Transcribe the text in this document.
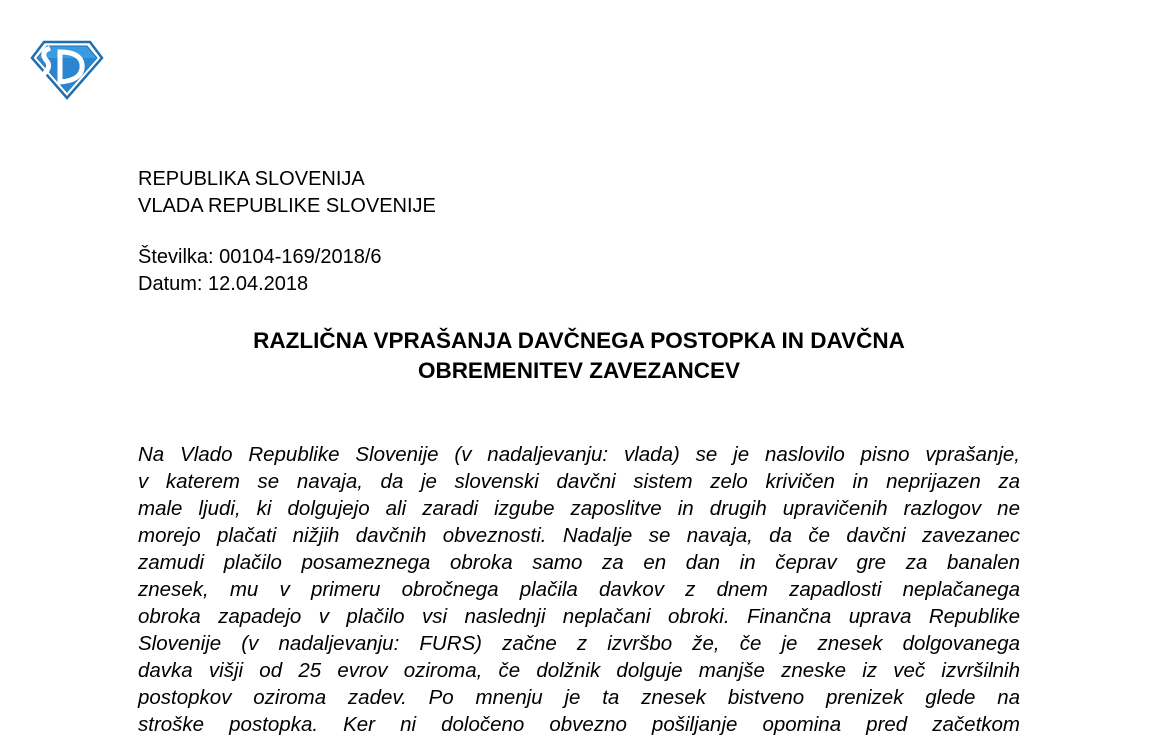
REPUBLIKA SLOVENIJA
VLADA REPUBLIKE SLOVENIJE
Številka: 00104-169/2018/6
Datum: 12.04.2018
RAZLIČNA VPRAŠANJA DAVČNEGA POSTOPKA IN DAVČNA
OBREMENITEV ZAVEZANCEV
Na Vlado Republike Slovenije (v nadaljevanju: vlada) se je naslovilo pisno vprašanje,
v katerem se navaja, da je slovenski davčni sistem zelo krivičen in neprijazen za
male ljudi, ki dolgujejo ali zaradi izgube zaposlitve in drugih upravičenih razlogov ne
morejo plačati nižjih davčnih obveznosti. Nadalje se navaja, da če davčni zavezanec
zamudi plačilo posameznega obroka samo za en dan in čeprav gre za banalen
znesek, mu v primeru obročnega plačila davkov z dnem zapadlosti neplačanega
obroka zapadejo v plačilo vsi naslednji neplačani obroki. Finančna uprava Republike
Slovenije (v nadaljevanju: FURS) začne z izvršbo že, če je znesek dolgovanega
davka višji od 25 evrov oziroma, če dolžnik dolguje manjše zneske iz več izvršilnih
postopkov oziroma zadev. Po mnenju je ta znesek bistveno prenizek glede na
stroške postopka. Ker ni določeno obvezno pošiljanje opomina pred začetkom
